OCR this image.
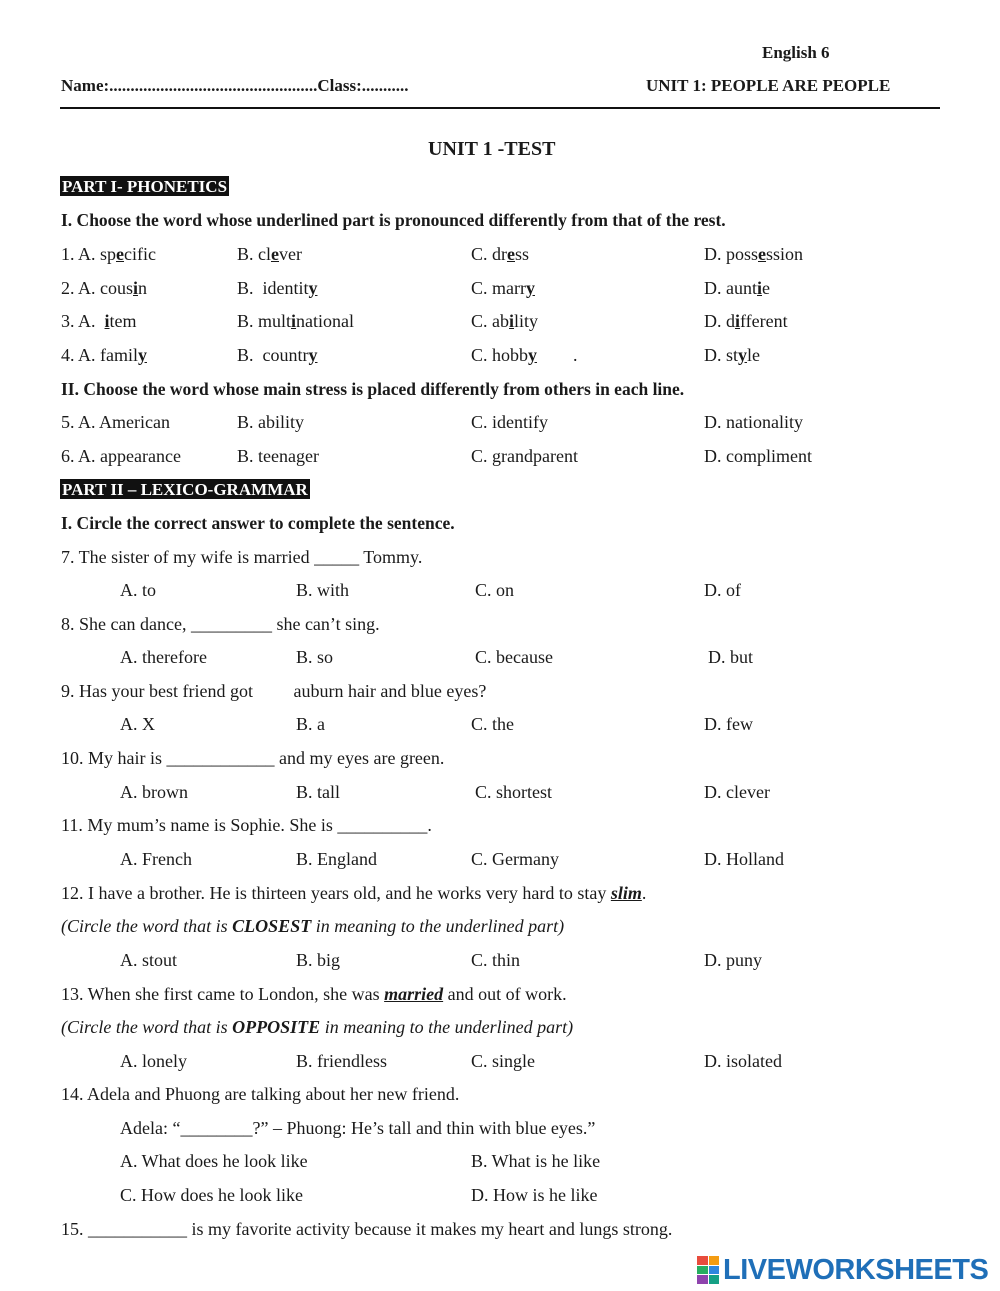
English 6
Name:.................................................Class:...........	UNIT 1: PEOPLE ARE PEOPLE
UNIT 1 -TEST
PART I- PHONETICS
I. Choose the word whose underlined part is pronounced differently from that of the rest.
1. A. specific	B. clever	C. dress	D. possession
2. A. cousin	B.  identity	C. marry	D. auntie
3. A.  item	B. multinational	C. ability	D. different
4. A. family	B.  country	C. hobby        .	D. style
II. Choose the word whose main stress is placed differently from others in each line.
5. A. American	B. ability	C. identify	D. nationality
6. A. appearance	B. teenager	C. grandparent	D. compliment
PART II – LEXICO-GRAMMAR
I. Circle the correct answer to complete the sentence.
7. The sister of my wife is married _____ Tommy.
A. to	B. with	C. on	D. of
8. She can dance, _________ she can’t sing.
A. therefore	B. so	C. because	D. but
9. Has your best friend got         auburn hair and blue eyes?
A. X	B. a	C. the	D. few
10. My hair is ____________ and my eyes are green.
A. brown	B. tall	C. shortest	D. clever
11. My mum’s name is Sophie. She is __________.
A. French	B. England	C. Germany	D. Holland
12. I have a brother. He is thirteen years old, and he works very hard to stay slim.
(Circle the word that is CLOSEST in meaning to the underlined part)
A. stout	B. big	C. thin	D. puny
13. When she first came to London, she was married and out of work.
(Circle the word that is OPPOSITE in meaning to the underlined part)
A. lonely	B. friendless	C. single	D. isolated
14. Adela and Phuong are talking about her new friend.
Adela: “________?” – Phuong: He’s tall and thin with blue eyes.”
A. What does he look like	B. What is he like
C. How does he look like	D. How is he like
15. ___________ is my favorite activity because it makes my heart and lungs strong.
LIVEWORKSHEETS
